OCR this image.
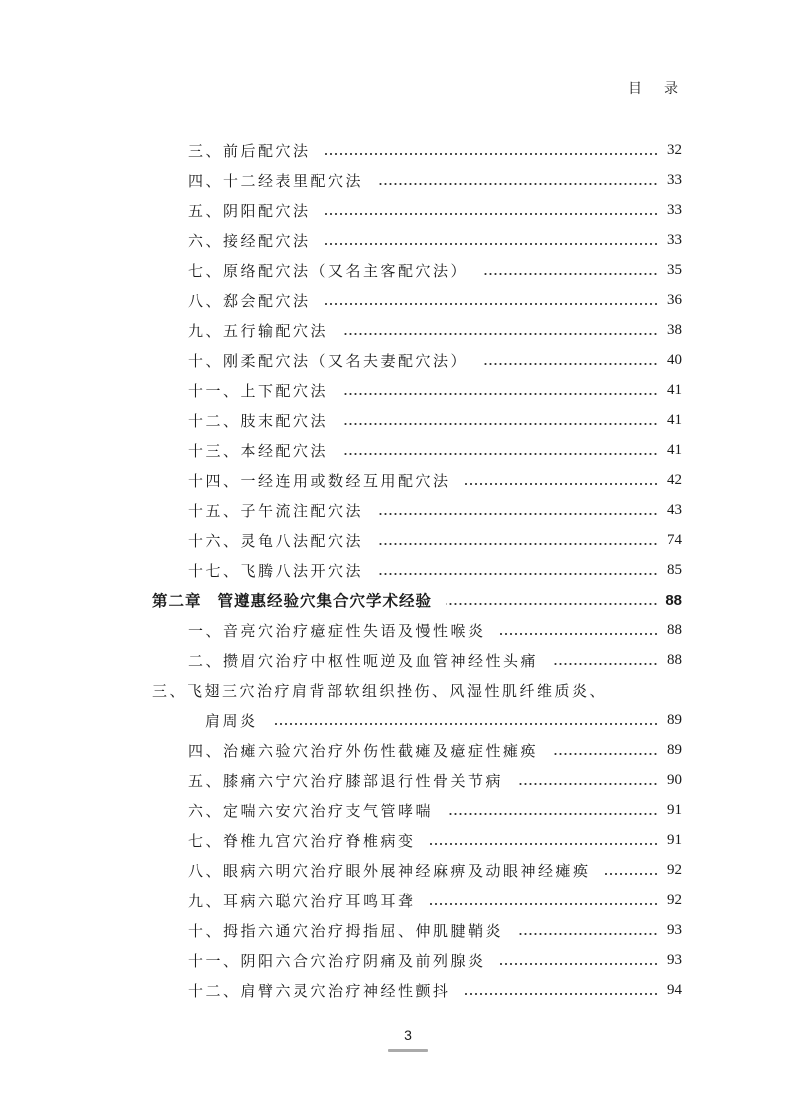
目录
三、前后配穴法	32
四、十二经表里配穴法	33
五、阴阳配穴法	33
六、接经配穴法	33
七、原络配穴法（又名主客配穴法）	35
八、郄会配穴法	36
九、五行输配穴法	38
十、刚柔配穴法（又名夫妻配穴法）	40
十一、上下配穴法	41
十二、肢末配穴法	41
十三、本经配穴法	41
十四、一经连用或数经互用配穴法	42
十五、子午流注配穴法	43
十六、灵龟八法配穴法	74
十七、飞腾八法开穴法	85
第二章 管遵惠经验穴集合穴学术经验	88
一、音亮穴治疗癔症性失语及慢性喉炎	88
二、攒眉穴治疗中枢性呃逆及血管神经性头痛	88
三、飞翅三穴治疗肩背部软组织挫伤、风湿性肌纤维质炎、
肩周炎	89
四、治瘫六验穴治疗外伤性截瘫及癔症性瘫痪	89
五、膝痛六宁穴治疗膝部退行性骨关节病	90
六、定喘六安穴治疗支气管哮喘	91
七、脊椎九宫穴治疗脊椎病变	91
八、眼病六明穴治疗眼外展神经麻痹及动眼神经瘫痪	92
九、耳病六聪穴治疗耳鸣耳聋	92
十、拇指六通穴治疗拇指屈、伸肌腱鞘炎	93
十一、阴阳六合穴治疗阴痛及前列腺炎	93
十二、肩臂六灵穴治疗神经性颤抖	94
3
